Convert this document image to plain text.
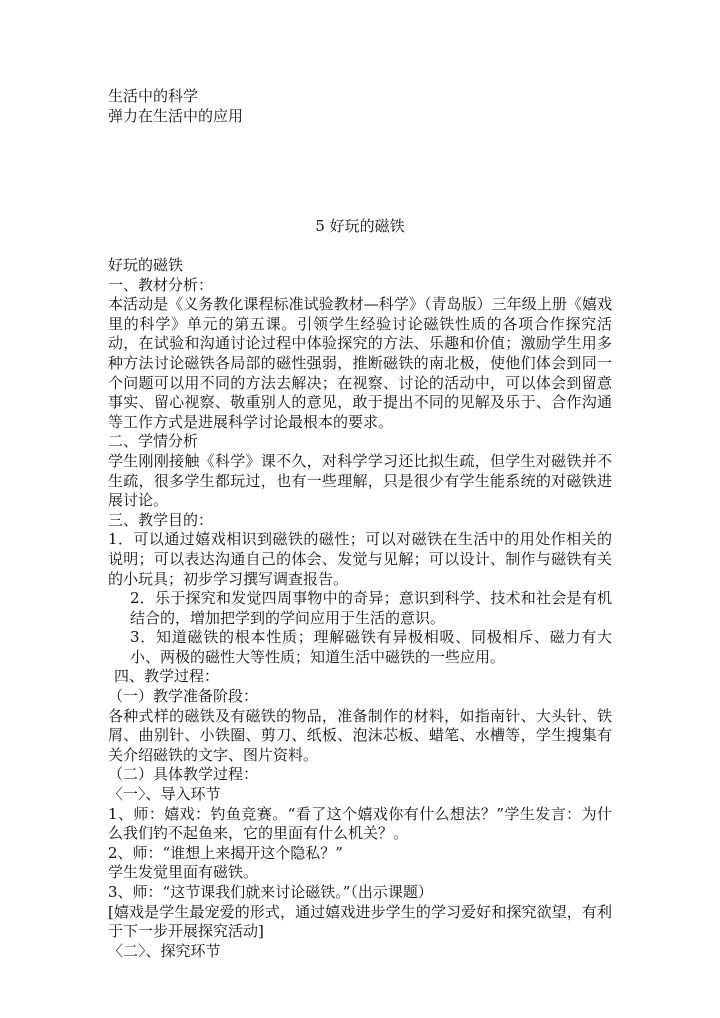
生活中的科学
弹力在生活中的应用
5 好玩的磁铁

好玩的磁铁

一、教材分析：

本活动是《义务教化课程标准试验教材—科学》（青岛版）三年级上册《嬉戏里的科学》单元的第五课。引领学生经验讨论磁铁性质的各项合作探究活动，在试验和沟通讨论过程中体验探究的方法、乐趣和价值；激励学生用多种方法讨论磁铁各局部的磁性强弱，推断磁铁的南北极，使他们体会到同一个问题可以用不同的方法去解决；在视察、讨论的活动中，可以体会到留意事实、留心视察、敬重别人的意见，敢于提出不同的见解及乐于、合作沟通等工作方式是进展科学讨论最根本的要求。

二、学情分析

学生刚刚接触《科学》课不久，对科学学习还比拟生疏，但学生对磁铁并不生疏，很多学生都玩过，也有一些理解，只是很少有学生能系统的对磁铁进展讨论。

三、教学目的：

1．可以通过嬉戏相识到磁铁的磁性；可以对磁铁在生活中的用处作相关的说明；可以表达沟通自己的体会、发觉与见解；可以设计、制作与磁铁有关的小玩具；初步学习撰写调查报告。

2．乐于探究和发觉四周事物中的奇异；意识到科学、技术和社会是有机结合的，增加把学到的学问应用于生活的意识。

3．知道磁铁的根本性质；理解磁铁有异极相吸、同极相斥、磁力有大小、两极的磁性大等性质；知道生活中磁铁的一些应用。

四、教学过程：

（一）教学准备阶段：

各种式样的磁铁及有磁铁的物品，准备制作的材料，如指南针、大头针、铁屑、曲别针、小铁圈、剪刀、纸板、泡沫芯板、蜡笔、水槽等，学生搜集有关介绍磁铁的文字、图片资料。

（二）具体教学过程：

〈一〉、导入环节

1、师：嬉戏：钓鱼竞赛。“看了这个嬉戏你有什么想法？”学生发言：为什么我们钓不起鱼来，它的里面有什么机关？。

2、师：“谁想上来揭开这个隐私？”

学生发觉里面有磁铁。

3、师：“这节课我们就来讨论磁铁。”（出示课题）

[嬉戏是学生最宠爱的形式，通过嬉戏进步学生的学习爱好和探究欲望，有利于下一步开展探究活动]

〈二〉、探究环节
